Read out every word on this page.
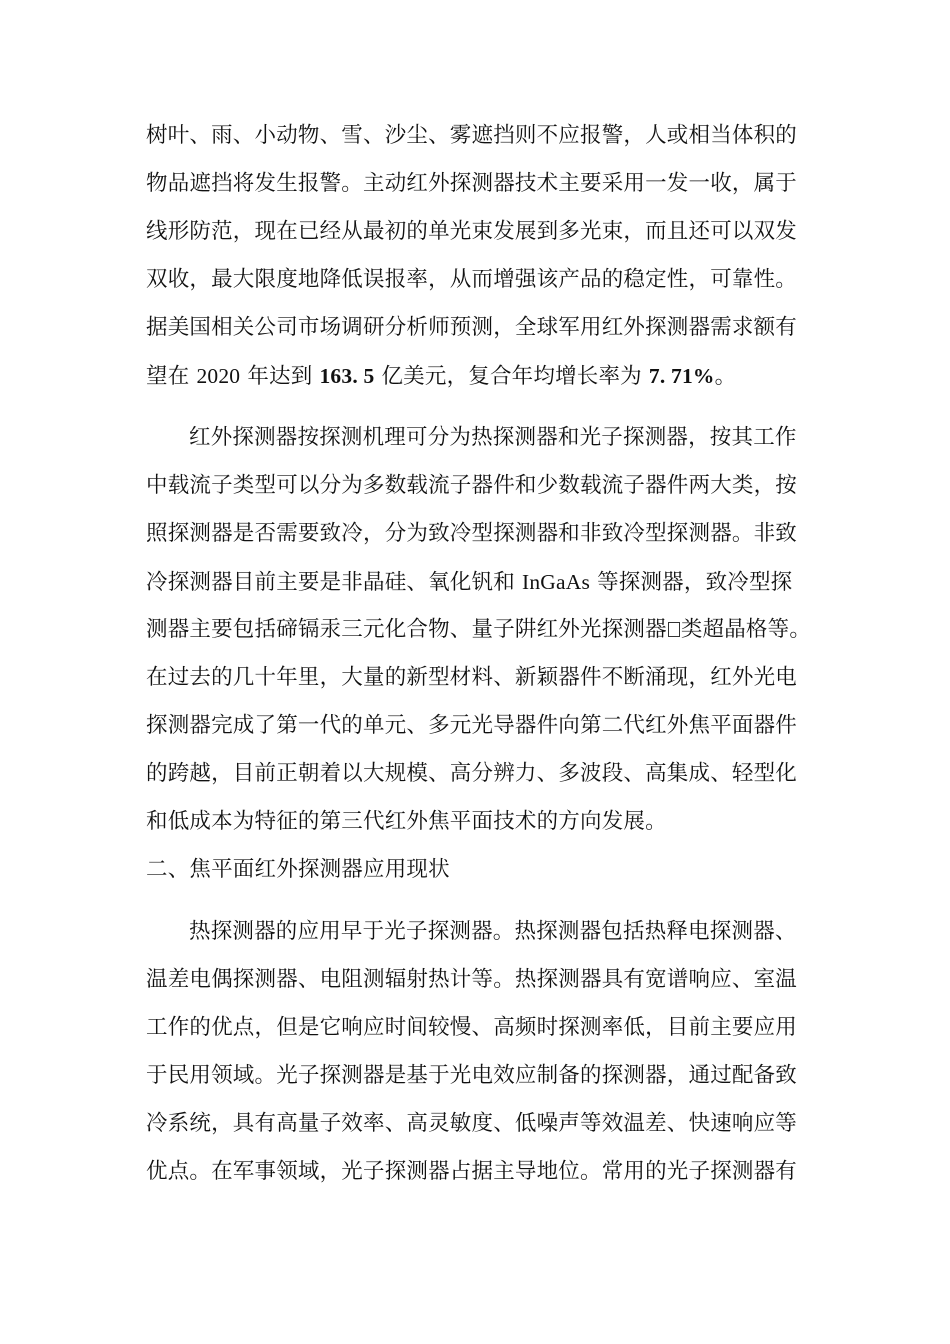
树叶、雨、小动物、雪、沙尘、雾遮挡则不应报警，人或相当体积的
物品遮挡将发生报警。主动红外探测器技术主要采用一发一收，属于
线形防范，现在已经从最初的单光束发展到多光束，而且还可以双发
双收，最大限度地降低误报率，从而增强该产品的稳定性，可靠性。
据美国相关公司市场调研分析师预测，全球军用红外探测器需求额有
望在 2020 年达到 163. 5 亿美元，复合年均增长率为 7. 71%。
红外探测器按探测机理可分为热探测器和光子探测器，按其工作
中载流子类型可以分为多数载流子器件和少数载流子器件两大类，按
照探测器是否需要致冷，分为致冷型探测器和非致冷型探测器。非致
冷探测器目前主要是非晶硅、氧化钒和 InGaAs 等探测器，致冷型探
测器主要包括碲镉汞三元化合物、量子阱红外光探测器 类超晶格等。
在过去的几十年里，大量的新型材料、新颖器件不断涌现，红外光电
探测器完成了第一代的单元、多元光导器件向第二代红外焦平面器件
的跨越，目前正朝着以大规模、高分辨力、多波段、高集成、轻型化
和低成本为特征的第三代红外焦平面技术的方向发展。
二、焦平面红外探测器应用现状
热探测器的应用早于光子探测器。热探测器包括热释电探测器、
温差电偶探测器、电阻测辐射热计等。热探测器具有宽谱响应、室温
工作的优点，但是它响应时间较慢、高频时探测率低，目前主要应用
于民用领域。光子探测器是基于光电效应制备的探测器，通过配备致
冷系统，具有高量子效率、高灵敏度、低噪声等效温差、快速响应等
优点。在军事领域，光子探测器占据主导地位。常用的光子探测器有
